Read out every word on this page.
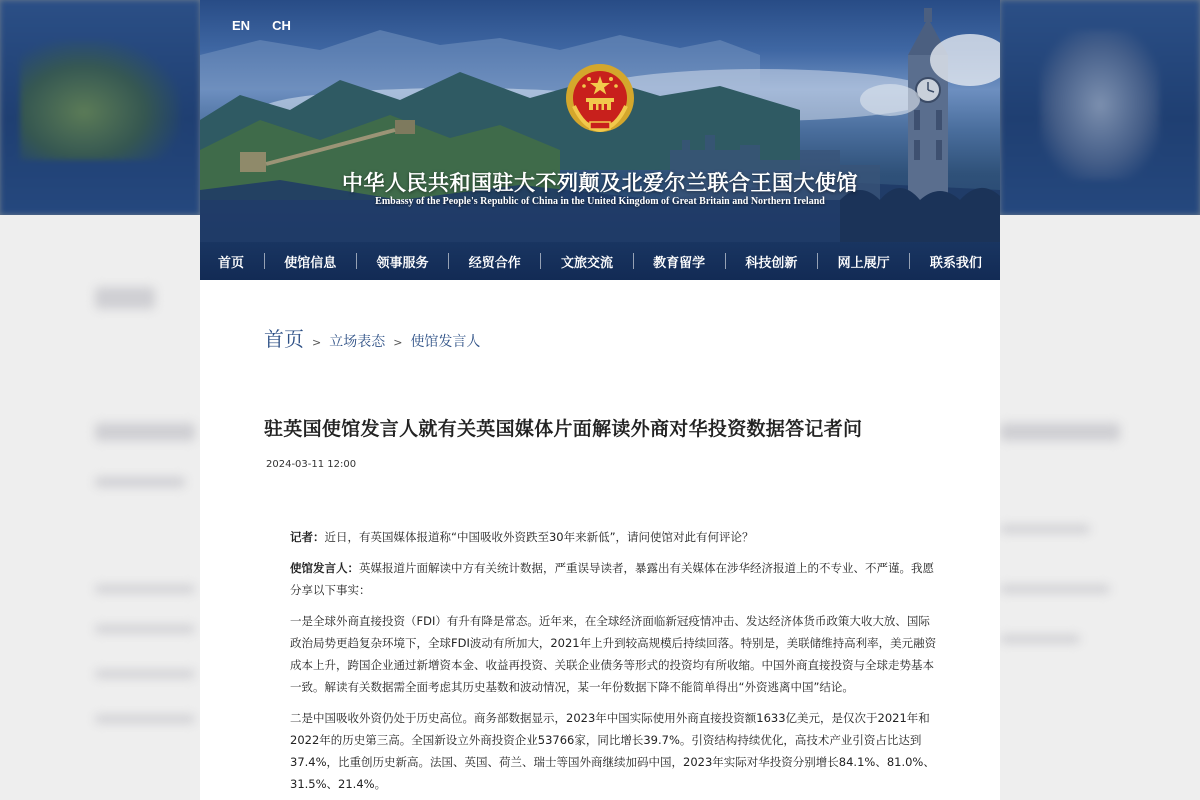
EN CH
中华人民共和国驻大不列颠及北爱尔兰联合王国大使馆
Embassy of the People's Republic of China in the United Kingdom of Great Britain and Northern Ireland
首页	使馆信息	领事服务	经贸合作	文旅交流	教育留学	科技创新	网上展厅	联系我们
首页 > 立场表态 > 使馆发言人
驻英国使馆发言人就有关英国媒体片面解读外商对华投资数据答记者问
2024-03-11 12:00

记者：近日，有英国媒体报道称“中国吸收外资跌至30年来新低”，请问使馆对此有何评论？

使馆发言人：英媒报道片面解读中方有关统计数据，严重误导读者，暴露出有关媒体在涉华经济报道上的不专业、不严谨。我愿分享以下事实：

一是全球外商直接投资（FDI）有升有降是常态。近年来，在全球经济面临新冠疫情冲击、发达经济体货币政策大收大放、国际政治局势更趋复杂环境下，全球FDI波动有所加大，2021年上升到较高规模后持续回落。特别是，美联储维持高利率，美元融资成本上升，跨国企业通过新增资本金、收益再投资、关联企业债务等形式的投资均有所收缩。中国外商直接投资与全球走势基本一致。解读有关数据需全面考虑其历史基数和波动情况，某一年份数据下降不能简单得出“外资逃离中国”结论。

二是中国吸收外资仍处于历史高位。商务部数据显示，2023年中国实际使用外商直接投资额1633亿美元，是仅次于2021年和2022年的历史第三高。全国新设立外商投资企业53766家，同比增长39.7%。引资结构持续优化，高技术产业引资占比达到37.4%，比重创历史新高。法国、英国、荷兰、瑞士等国外商继续加码中国，2023年实际对华投资分别增长84.1%、81.0%、31.5%、21.4%。
